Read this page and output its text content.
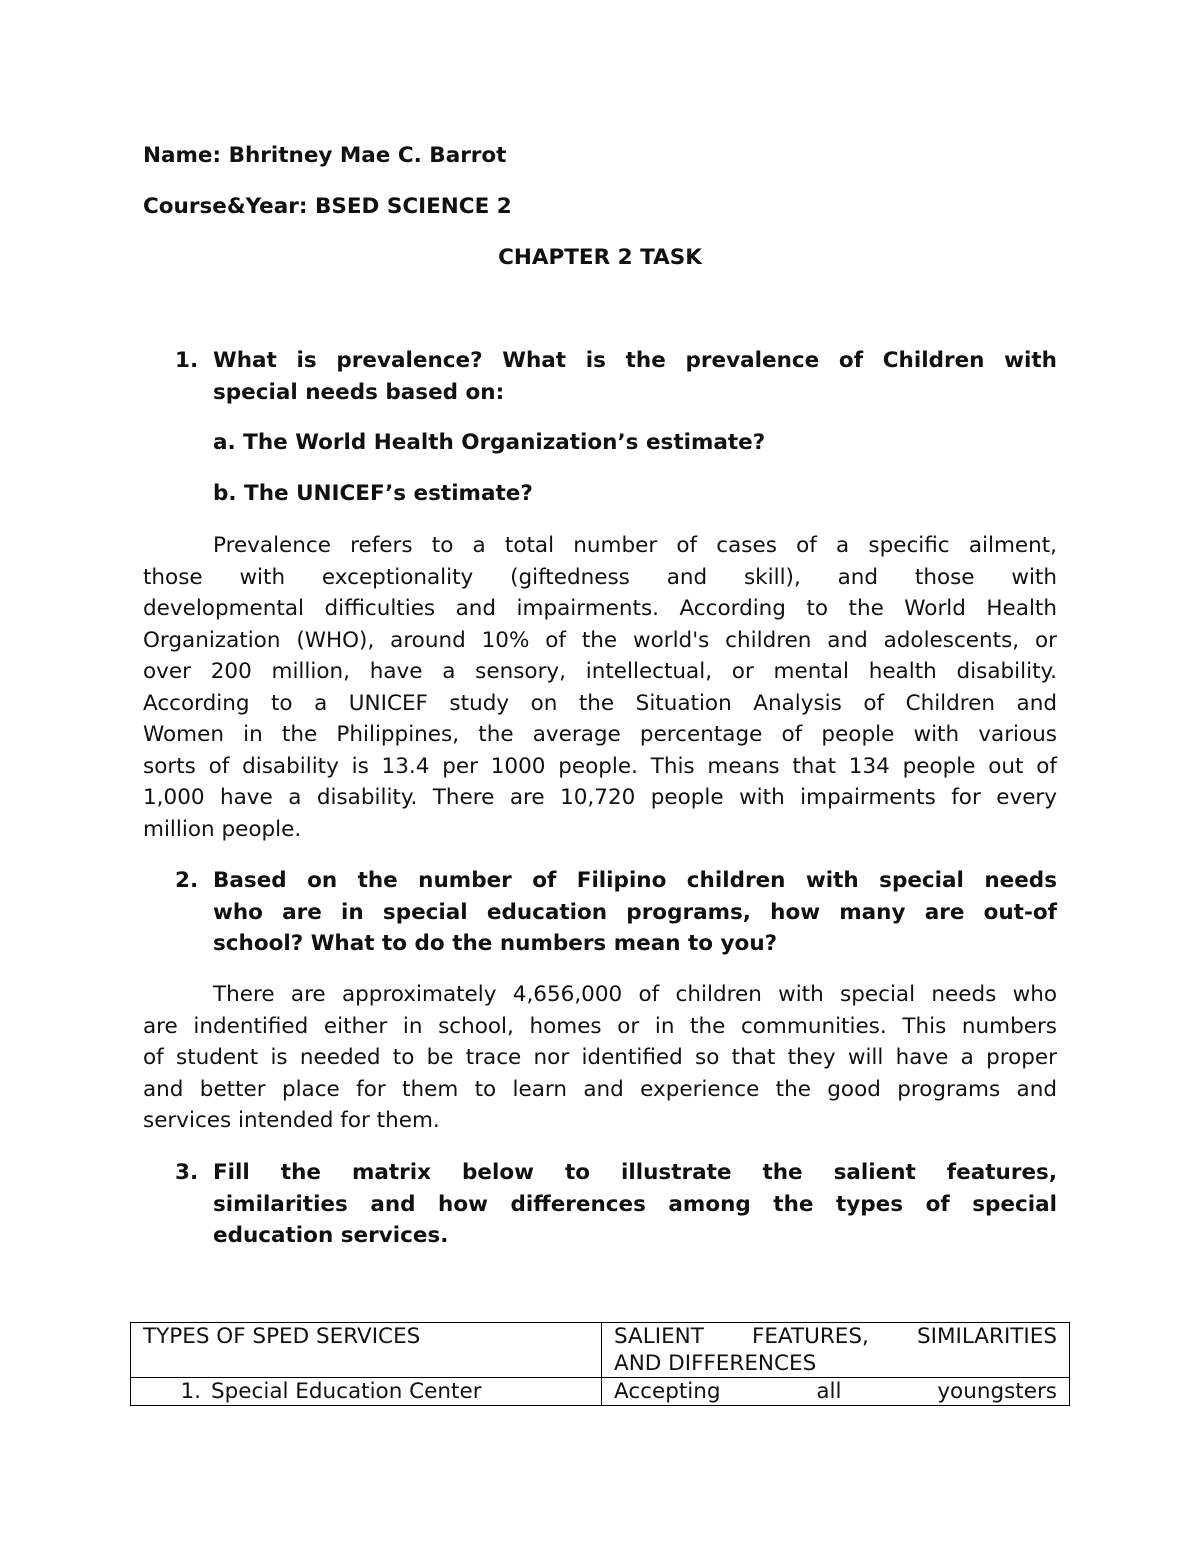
Name: Bhritney Mae C. Barrot
Course&Year: BSED SCIENCE 2
CHAPTER 2 TASK
1. What is prevalence? What is the prevalence of Children with
special needs based on:
a. The World Health Organization’s estimate?
b. The UNICEF’s estimate?
Prevalence refers to a total number of cases of a specific ailment,
those with exceptionality (giftedness and skill), and those with
developmental difficulties and impairments. According to the World Health
Organization (WHO), around 10% of the world's children and adolescents, or
over 200 million, have a sensory, intellectual, or mental health disability.
According to a UNICEF study on the Situation Analysis of Children and
Women in the Philippines, the average percentage of people with various
sorts of disability is 13.4 per 1000 people. This means that 134 people out of
1,000 have a disability. There are 10,720 people with impairments for every
million people.
2. Based on the number of Filipino children with special needs
who are in special education programs, how many are out-of
school? What to do the numbers mean to you?
There are approximately 4,656,000 of children with special needs who
are indentified either in school, homes or in the communities. This numbers
of student is needed to be trace nor identified so that they will have a proper
and better place for them to learn and experience the good programs and
services intended for them.
3. Fill the matrix below to illustrate the salient features,
similarities and how differences among the types of special
education services.
TYPES OF SPED SERVICES	SALIENT FEATURES, SIMILARITIES
AND DIFFERENCES

1. Special Education Center	Accepting all youngsters
